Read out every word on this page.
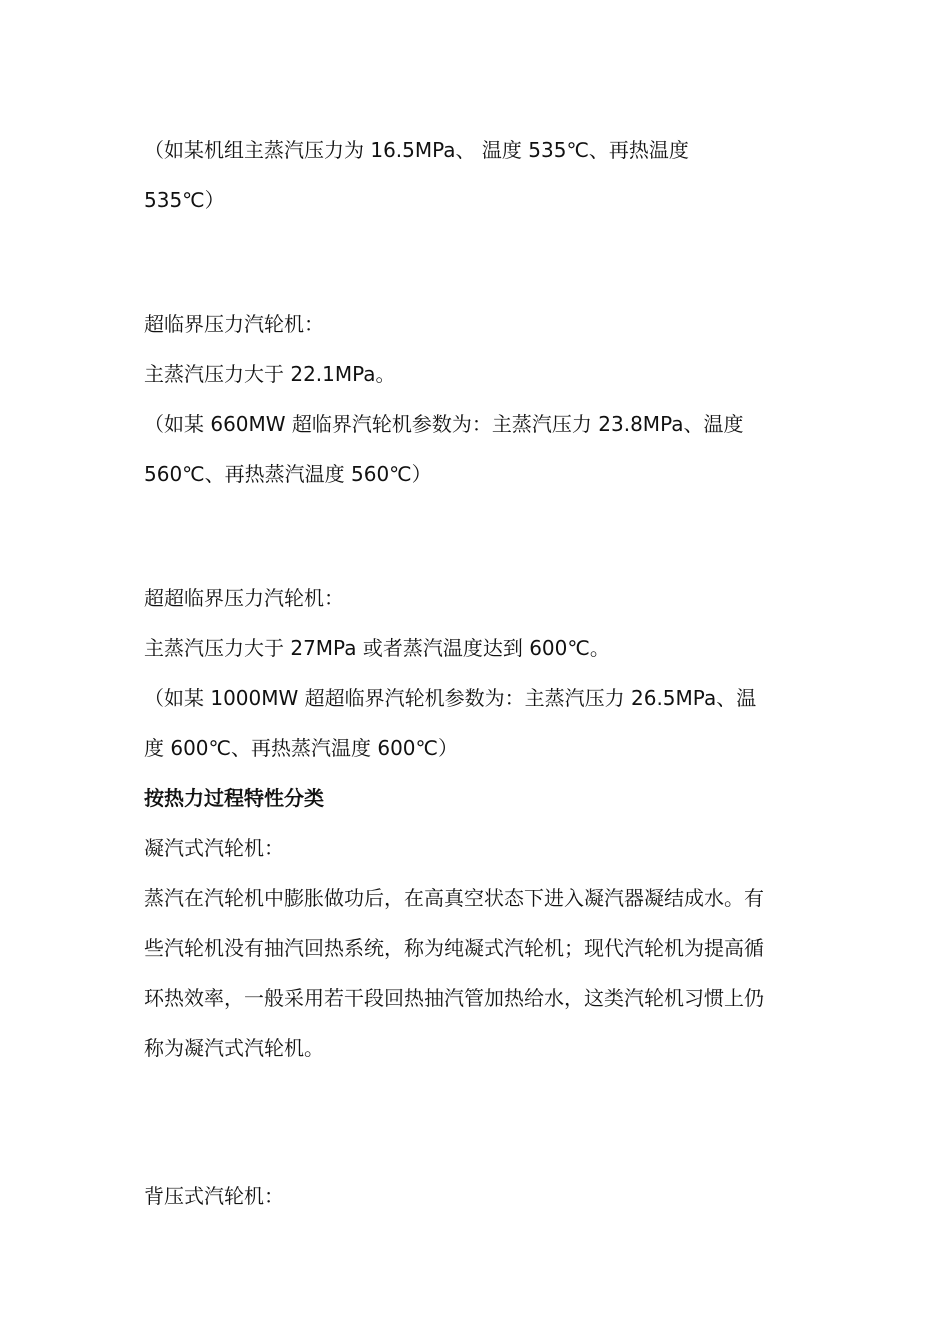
（如某机组主蒸汽压力为 16.5MPa、 温度 535℃、再热温度
535℃）
超临界压力汽轮机：
主蒸汽压力大于 22.1MPa。
（如某 660MW 超临界汽轮机参数为：主蒸汽压力 23.8MPa、温度
560℃、再热蒸汽温度 560℃）
超超临界压力汽轮机：
主蒸汽压力大于 27MPa 或者蒸汽温度达到 600℃。
（如某 1000MW 超超临界汽轮机参数为：主蒸汽压力 26.5MPa、温
度 600℃、再热蒸汽温度 600℃）
按热力过程特性分类
凝汽式汽轮机：
蒸汽在汽轮机中膨胀做功后，在高真空状态下进入凝汽器凝结成水。有
些汽轮机没有抽汽回热系统，称为纯凝式汽轮机；现代汽轮机为提高循
环热效率，一般采用若干段回热抽汽管加热给水，这类汽轮机习惯上仍
称为凝汽式汽轮机。
背压式汽轮机：
